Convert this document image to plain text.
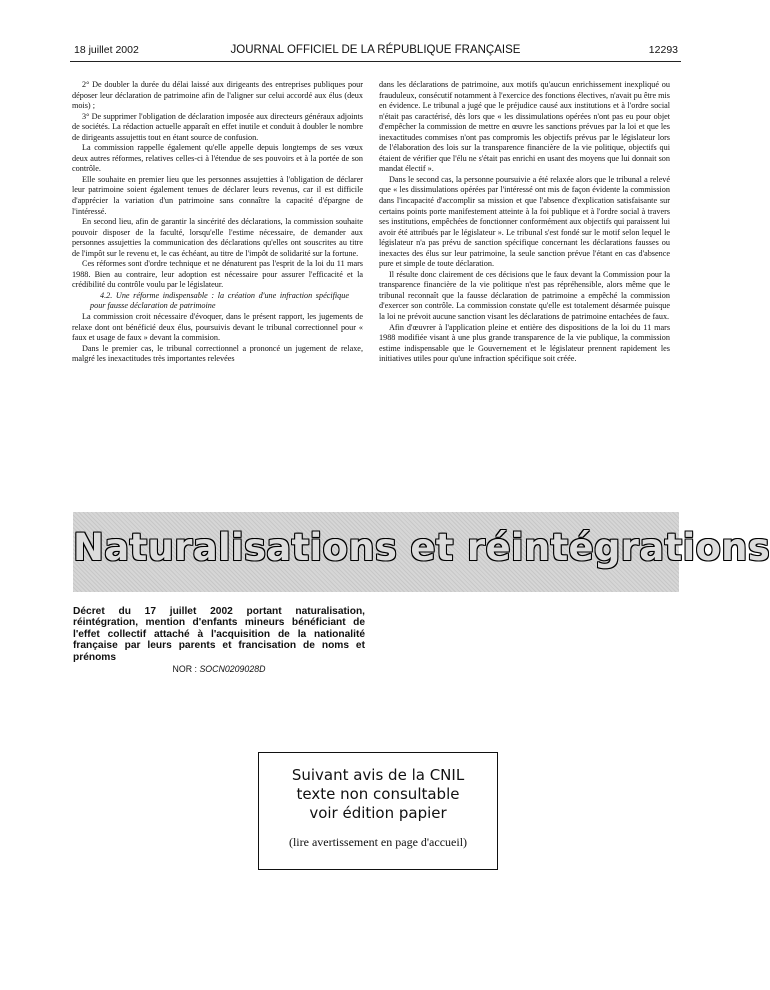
18 juillet 2002	JOURNAL OFFICIEL DE LA RÉPUBLIQUE FRANÇAISE	12293

2° De doubler la durée du délai laissé aux dirigeants des entreprises publiques pour déposer leur déclaration de patrimoine afin de l'aligner sur celui accordé aux élus (deux mois) ;

3° De supprimer l'obligation de déclaration imposée aux directeurs généraux adjoints de sociétés. La rédaction actuelle apparaît en effet inutile et conduit à doubler le nombre de dirigeants assujettis tout en étant source de confusion.

La commission rappelle également qu'elle appelle depuis longtemps de ses vœux deux autres réformes, relatives celles-ci à l'étendue de ses pouvoirs et à la portée de son contrôle.

Elle souhaite en premier lieu que les personnes assujetties à l'obligation de déclarer leur patrimoine soient également tenues de déclarer leurs revenus, car il est difficile d'apprécier la variation d'un patrimoine sans connaître la capacité d'épargne de l'intéressé.

En second lieu, afin de garantir la sincérité des déclarations, la commission souhaite pouvoir disposer de la faculté, lorsqu'elle l'estime nécessaire, de demander aux personnes assujetties la communication des déclarations qu'elles ont souscrites au titre de l'impôt sur le revenu et, le cas échéant, au titre de l'impôt de solidarité sur la fortune.

Ces réformes sont d'ordre technique et ne dénaturent pas l'esprit de la loi du 11 mars 1988. Bien au contraire, leur adoption est nécessaire pour assurer l'efficacité et la crédibilité du contrôle voulu par le législateur.

4.2. Une réforme indispensable : la création d'une infraction spécifique pour fausse déclaration de patrimoine

La commission croit nécessaire d'évoquer, dans le présent rapport, les jugements de relaxe dont ont bénéficié deux élus, poursuivis devant le tribunal correctionnel pour « faux et usage de faux » devant la commision.

Dans le premier cas, le tribunal correctionnel a prononcé un jugement de relaxe, malgré les inexactitudes très importantes relevées

dans les déclarations de patrimoine, aux motifs qu'aucun enrichissement inexpliqué ou frauduleux, consécutif notamment à l'exercice des fonctions électives, n'avait pu être mis en évidence. Le tribunal a jugé que le préjudice causé aux institutions et à l'ordre social n'était pas caractérisé, dès lors que « les dissimulations opérées n'ont pas eu pour objet d'empêcher la commission de mettre en œuvre les sanctions prévues par la loi et que les inexactitudes commises n'ont pas compromis les objectifs prévus par le législateur lors de l'élaboration des lois sur la transparence financière de la vie politique, objectifs qui étaient de vérifier que l'élu ne s'était pas enrichi en usant des moyens que lui donnait son mandat électif ».

Dans le second cas, la personne poursuivie a été relaxée alors que le tribunal a relevé que « les dissimulations opérées par l'intéressé ont mis de façon évidente la commission dans l'incapacité d'accomplir sa mission et que l'absence d'explication satisfaisante sur certains points porte manifestement atteinte à la foi publique et à l'ordre social à travers ses institutions, empêchées de fonctionner conformément aux objectifs qui paraissent lui avoir été attribués par le législateur ». Le tribunal s'est fondé sur le motif selon lequel le législateur n'a pas prévu de sanction spécifique concernant les déclarations fausses ou inexactes des élus sur leur patrimoine, la seule sanction prévue l'étant en cas d'absence pure et simple de toute déclaration.

Il résulte donc clairement de ces décisions que le faux devant la Commission pour la transparence financière de la vie politique n'est pas répréhensible, alors même que le tribunal reconnaît que la fausse déclaration de patrimoine a empêché la commission d'exercer son contrôle. La commission constate qu'elle est totalement désarmée puisque la loi ne prévoit aucune sanction visant les déclarations de patrimoine entachées de faux.

Afin d'œuvrer à l'application pleine et entière des dispositions de la loi du 11 mars 1988 modifiée visant à une plus grande transparence de la vie publique, la commission estime indispensable que le Gouvernement et le législateur prennent rapidement les initiatives utiles pour qu'une infraction spécifique soit créée.

Naturalisations et réintégrations
Décret du 17 juillet 2002 portant naturalisation, réintégration, mention d'enfants mineurs bénéficiant de l'effet collectif attaché à l'acquisition de la nationalité française par leurs parents et francisation de noms et prénoms
NOR : SOCN0209028D
Suivant avis de la CNIL
texte non consultable
voir édition papier
(lire avertissement en page d'accueil)
